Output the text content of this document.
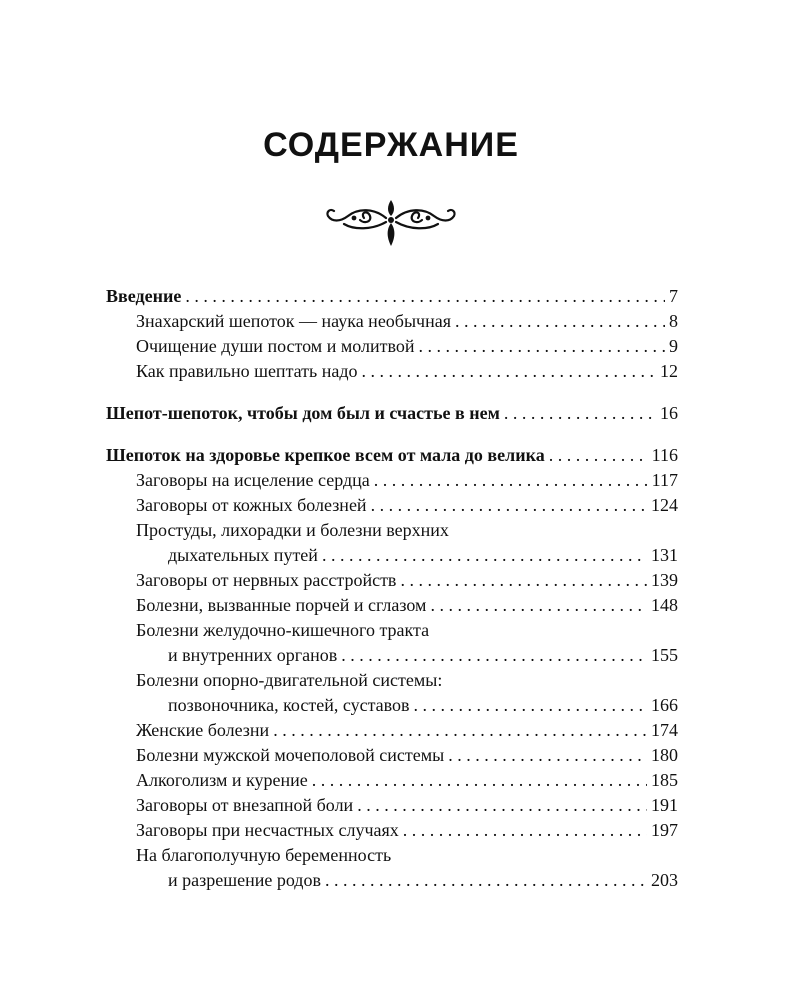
СОДЕРЖАНИЕ
Введение . . .	7
Знахарский шепоток — наука необычная . . .	8
Очищение души постом и молитвой . . .	9
Как правильно шептать надо . . .	12
Шепот-шепоток, чтобы дом был и счастье в нем . . .	16
Шепоток на здоровье крепкое всем от мала до велика . . .	116
Заговоры на исцеление сердца . . .	117
Заговоры от кожных болезней . . .	124
Простуды, лихорадки и болезни верхних
дыхательных путей . . .	131
Заговоры от нервных расстройств . . .	139
Болезни, вызванные порчей и сглазом . . .	148
Болезни желудочно-кишечного тракта
и внутренних органов . . .	155
Болезни опорно-двигательной системы:
позвоночника, костей, суставов . . .	166
Женские болезни . . .	174
Болезни мужской мочеполовой системы . . .	180
Алкоголизм и курение . . .	185
Заговоры от внезапной боли . . .	191
Заговоры при несчастных случаях . . .	197
На благополучную беременность
и разрешение родов . . .	203
